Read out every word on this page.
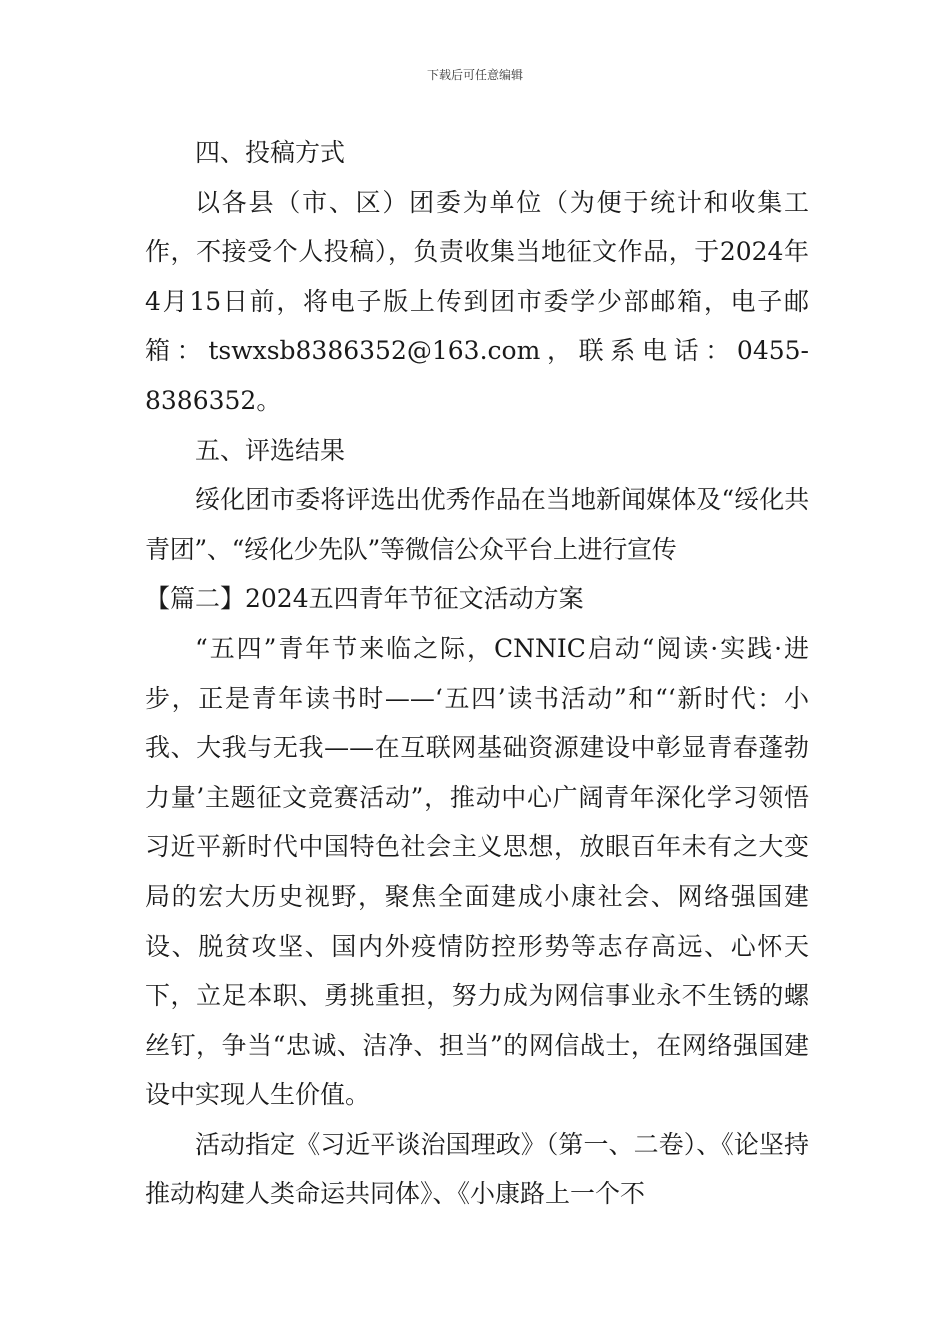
下载后可任意编辑

四、投稿方式

以各县（市、区）团委为单位（为便于统计和收集工作，不接受个人投稿），负责收集当地征文作品，于2024年4月15日前，将电子版上传到团市委学少部邮箱，电子邮箱：tswxsb8386352@163.com，联系电话：0455-8386352。

五、评选结果

绥化团市委将评选出优秀作品在当地新闻媒体及“绥化共青团”、“绥化少先队”等微信公众平台上进行宣传

【篇二】2024五四青年节征文活动方案

“五四”青年节来临之际，CNNIC启动“阅读·实践·进步，正是青年读书时——‘五四’读书活动”和“‘新时代：小我、大我与无我——在互联网基础资源建设中彰显青春蓬勃力量’主题征文竞赛活动”，推动中心广阔青年深化学习领悟习近平新时代中国特色社会主义思想，放眼百年未有之大变局的宏大历史视野，聚焦全面建成小康社会、网络强国建设、脱贫攻坚、国内外疫情防控形势等志存高远、心怀天下，立足本职、勇挑重担，努力成为网信事业永不生锈的螺丝钉，争当“忠诚、洁净、担当”的网信战士，在网络强国建设中实现人生价值。

活动指定《习近平谈治国理政》（第一、二卷）、《论坚持推动构建人类命运共同体》、《小康路上一个不
